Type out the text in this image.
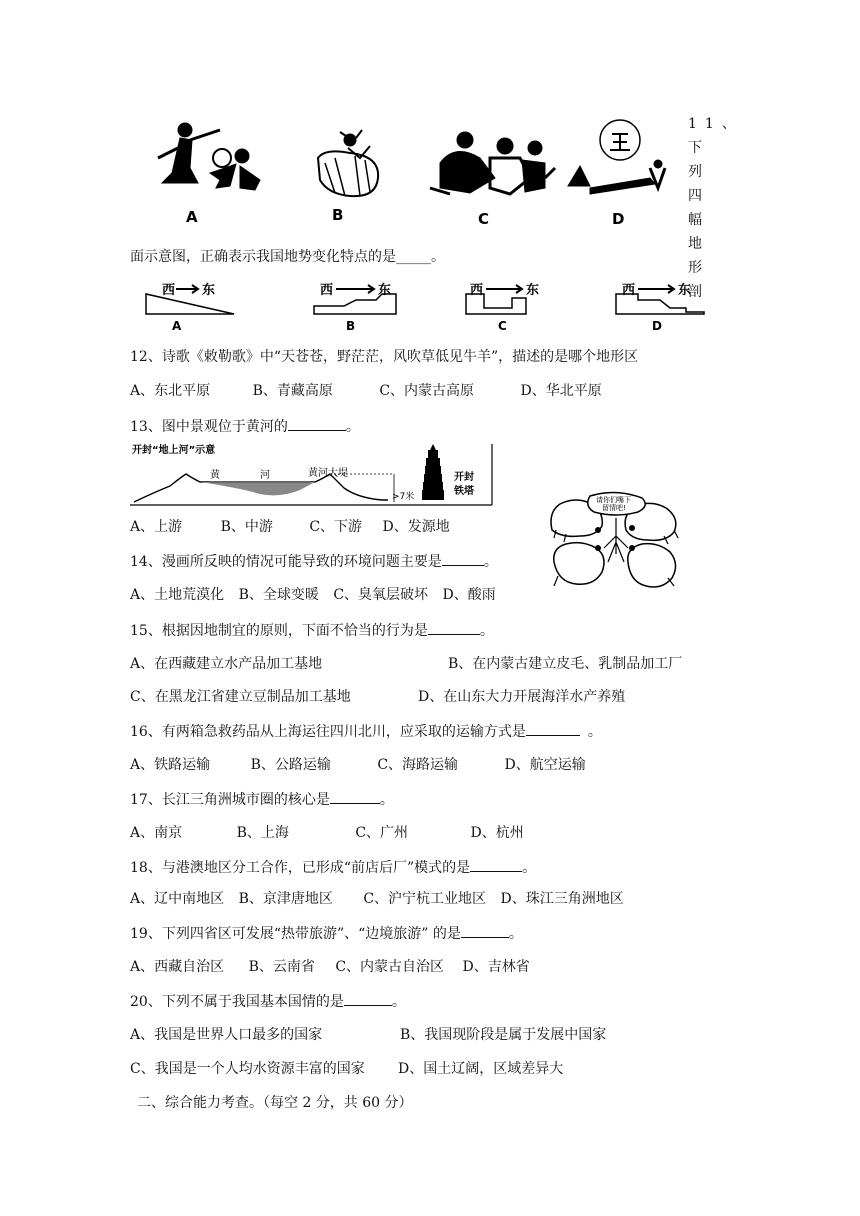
A	B	C	D
11、下
列 四
幅 地
形 剖
面示意图，正确表示我国地势变化特点的是_____。
西 东	西	东	西	东	西	东
A	B	C	D
12、诗歌《敕勒歌》中“天苍苍，野茫茫，风吹草低见牛羊”，描述的是哪个地形区
A、东北平原	B、青藏高原	C、内蒙古高原	D、华北平原
13、图中景观位于黄河的	。
开封“地上河”示意
黄	河	黄河大堤
>7米
开封
铁塔
A、上游	B、中游	C、下游 D、发源地
请你们嘴下
留情吧!
14、漫画所反映的情况可能导致的环境问题主要是	。
A、土地荒漠化 B、全球变暖 C、臭氧层破坏 D、酸雨
15、根据因地制宜的原则，下面不恰当的行为是	。
A、在西藏建立水产品加工基地	B、在内蒙古建立皮毛、乳制品加工厂
C、在黑龙江省建立豆制品加工基地	D、在山东大力开展海洋水产养殖
16、有两箱急救药品从上海运往四川北川，应采取的运输方式是	。
A、铁路运输	B、公路运输	C、海路运输	D、航空运输
17、长江三角洲城市圈的核心是	。
A、南京	B、上海	C、广州	D、杭州
18、与港澳地区分工合作，已形成“前店后厂”模式的是	。
A、辽中南地区 B、京津唐地区 C、沪宁杭工业地区 D、珠江三角洲地区
19、下列四省区可发展“热带旅游”、“边境旅游” 的是	。
A、西藏自治区 B、云南省 C、内蒙古自治区 D、吉林省
20、下列不属于我国基本国情的是	。
A、我国是世界人口最多的国家	B、我国现阶段是属于发展中国家
C、我国是一个人均水资源丰富的国家 D、国土辽阔，区域差异大
二、综合能力考查。（每空 2 分，共 60 分）
